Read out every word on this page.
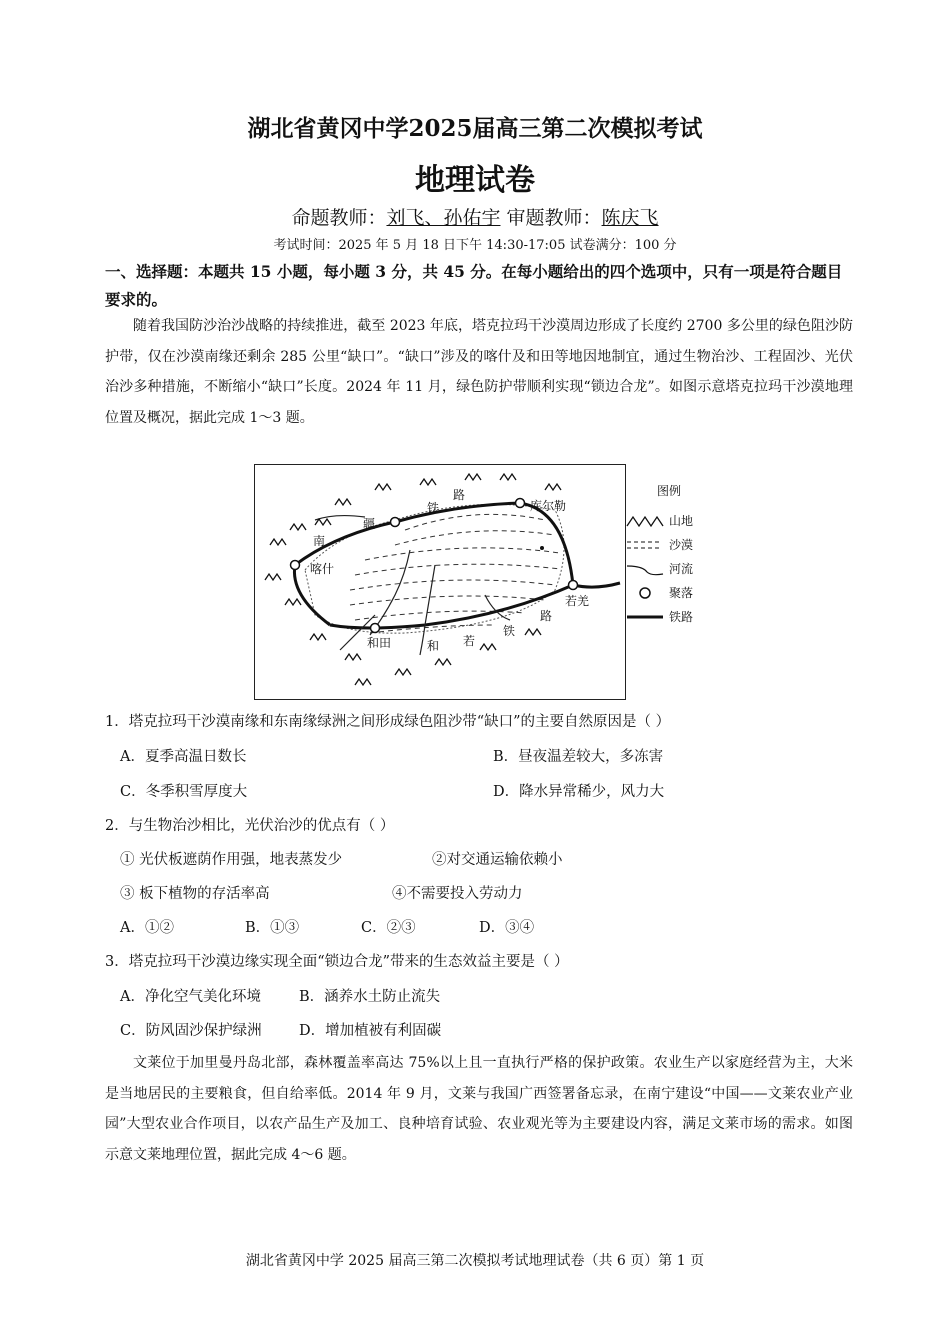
湖北省黄冈中学2025届高三第二次模拟考试
地理试卷
命题教师：刘飞、孙佑宇 审题教师：陈庆飞
考试时间：2025 年 5 月 18 日下午 14:30-17:05 试卷满分：100 分
一、选择题：本题共 15 小题，每小题 3 分，共 45 分。在每小题给出的四个选项中，只有一项是符合题目要求的。
随着我国防沙治沙战略的持续推进，截至 2023 年底，塔克拉玛干沙漠周边形成了长度约 2700 多公里的绿色阻沙防护带，仅在沙漠南缘还剩余 285 公里“缺口”。“缺口”涉及的喀什及和田等地因地制宜，通过生物治沙、工程固沙、光伏治沙多种措施，不断缩小“缺口”长度。2024 年 11 月，绿色防护带顺利实现“锁边合龙”。如图示意塔克拉玛干沙漠地理位置及概况，据此完成 1～3 题。
库尔勒
喀什
和田
若羌
南
疆
铁
路
和 若
铁
路
图例
山地
沙漠
河流
聚落
铁路
1．塔克拉玛干沙漠南缘和东南缘绿洲之间形成绿色阻沙带“缺口”的主要自然原因是（ ）
A．夏季高温日数长	B．昼夜温差较大，多冻害
C．冬季积雪厚度大	D．降水异常稀少，风力大
2．与生物治沙相比，光伏治沙的优点有（ ）
① 光伏板遮荫作用强，地表蒸发少	②对交通运输依赖小
③ 板下植物的存活率高	④不需要投入劳动力
A．①②	B．①③	C．②③	D．③④
3．塔克拉玛干沙漠边缘实现全面“锁边合龙”带来的生态效益主要是（ ）
A．净化空气美化环境	B．涵养水土防止流失
C．防风固沙保护绿洲	D．增加植被有利固碳
文莱位于加里曼丹岛北部，森林覆盖率高达 75%以上且一直执行严格的保护政策。农业生产以家庭经营为主，大米是当地居民的主要粮食，但自给率低。2014 年 9 月，文莱与我国广西签署备忘录，在南宁建设“中国——文莱农业产业园”大型农业合作项目，以农产品生产及加工、良种培育试验、农业观光等为主要建设内容，满足文莱市场的需求。如图示意文莱地理位置，据此完成 4～6 题。
湖北省黄冈中学 2025 届高三第二次模拟考试地理试卷（共 6 页）第 1 页
